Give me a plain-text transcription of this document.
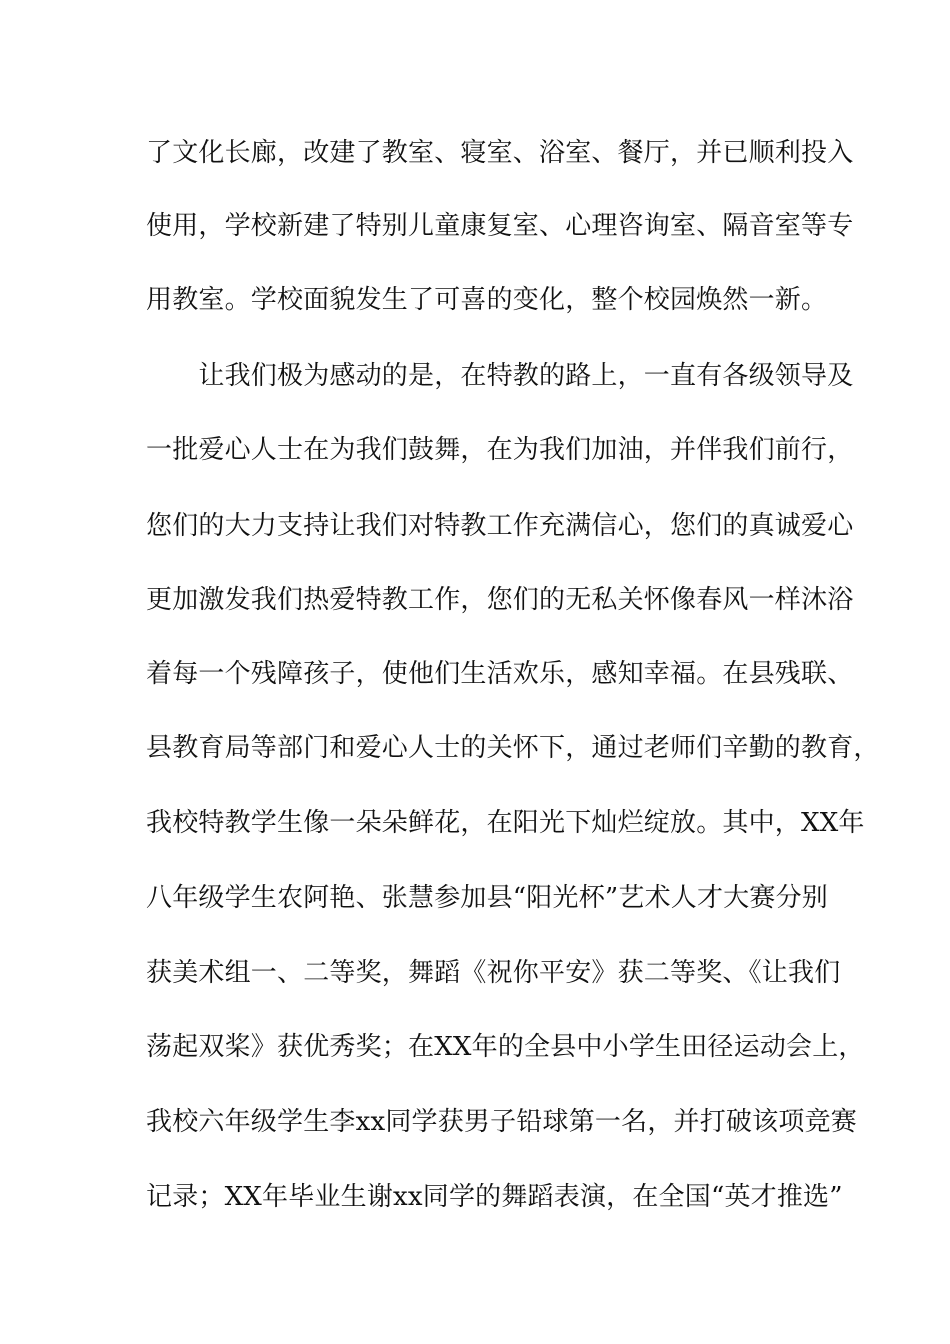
了文化长廊，改建了教室、寝室、浴室、餐厅，并已顺利投入
使用，学校新建了特别儿童康复室、心理咨询室、隔音室等专
用教室。学校面貌发生了可喜的变化，整个校园焕然一新。
　　让我们极为感动的是，在特教的路上，一直有各级领导及
一批爱心人士在为我们鼓舞，在为我们加油，并伴我们前行，
您们的大力支持让我们对特教工作充满信心，您们的真诚爱心
更加激发我们热爱特教工作，您们的无私关怀像春风一样沐浴
着每一个残障孩子，使他们生活欢乐，感知幸福。在县残联、
县教育局等部门和爱心人士的关怀下，通过老师们辛勤的教育，
我校特教学生像一朵朵鲜花，在阳光下灿烂绽放。其中，XX年
八年级学生农阿艳、张慧参加县“阳光杯”艺术人才大赛分别
获美术组一、二等奖，舞蹈《祝你平安》获二等奖、《让我们
荡起双桨》获优秀奖；在XX年的全县中小学生田径运动会上，
我校六年级学生李xx同学获男子铅球第一名，并打破该项竞赛
记录；XX年毕业生谢xx同学的舞蹈表演，在全国“英才推选”
